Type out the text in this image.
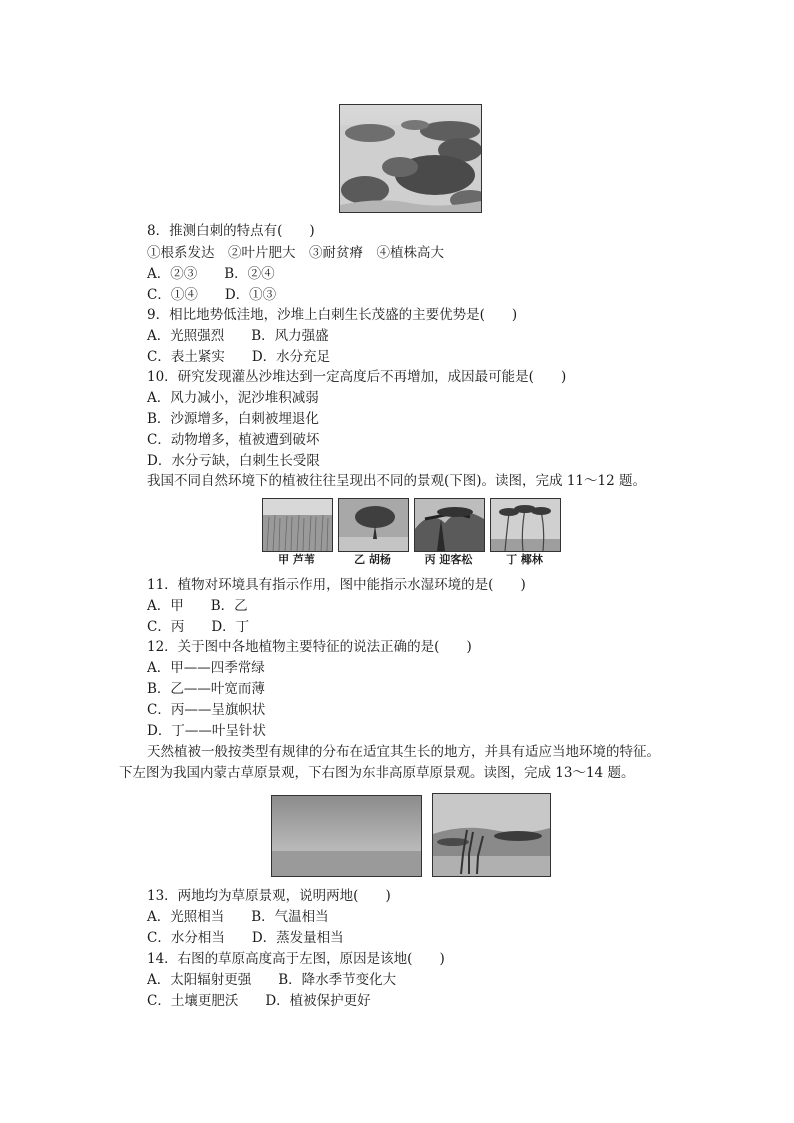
8．推测白刺的特点有(　　)
①根系发达　②叶片肥大　③耐贫瘠　④植株高大
A．②③　　B．②④
C．①④　　D．①③
9．相比地势低洼地，沙堆上白刺生长茂盛的主要优势是(　　)
A．光照强烈　　B．风力强盛
C．表土紧实　　D．水分充足
10．研究发现灌丛沙堆达到一定高度后不再增加，成因最可能是(　　)
A．风力减小，泥沙堆积减弱
B．沙源增多，白刺被埋退化
C．动物增多，植被遭到破坏
D．水分亏缺，白刺生长受限
我国不同自然环境下的植被往往呈现出不同的景观(下图)。读图，完成 11～12 题。
甲 芦苇	乙 胡杨	丙 迎客松	丁 椰林
11．植物对环境具有指示作用，图中能指示水湿环境的是(　　)
A．甲　　B．乙
C．丙　　D．丁
12．关于图中各地植物主要特征的说法正确的是(　　)
A．甲——四季常绿
B．乙——叶宽而薄
C．丙——呈旗帜状
D．丁——叶呈针状
天然植被一般按类型有规律的分布在适宜其生长的地方，并具有适应当地环境的特征。
下左图为我国内蒙古草原景观，下右图为东非高原草原景观。读图，完成 13～14 题。
13．两地均为草原景观，说明两地(　　)
A．光照相当　　B．气温相当
C．水分相当　　D．蒸发量相当
14．右图的草原高度高于左图，原因是该地(　　)
A．太阳辐射更强　　B．降水季节变化大
C．土壤更肥沃　　D．植被保护更好
